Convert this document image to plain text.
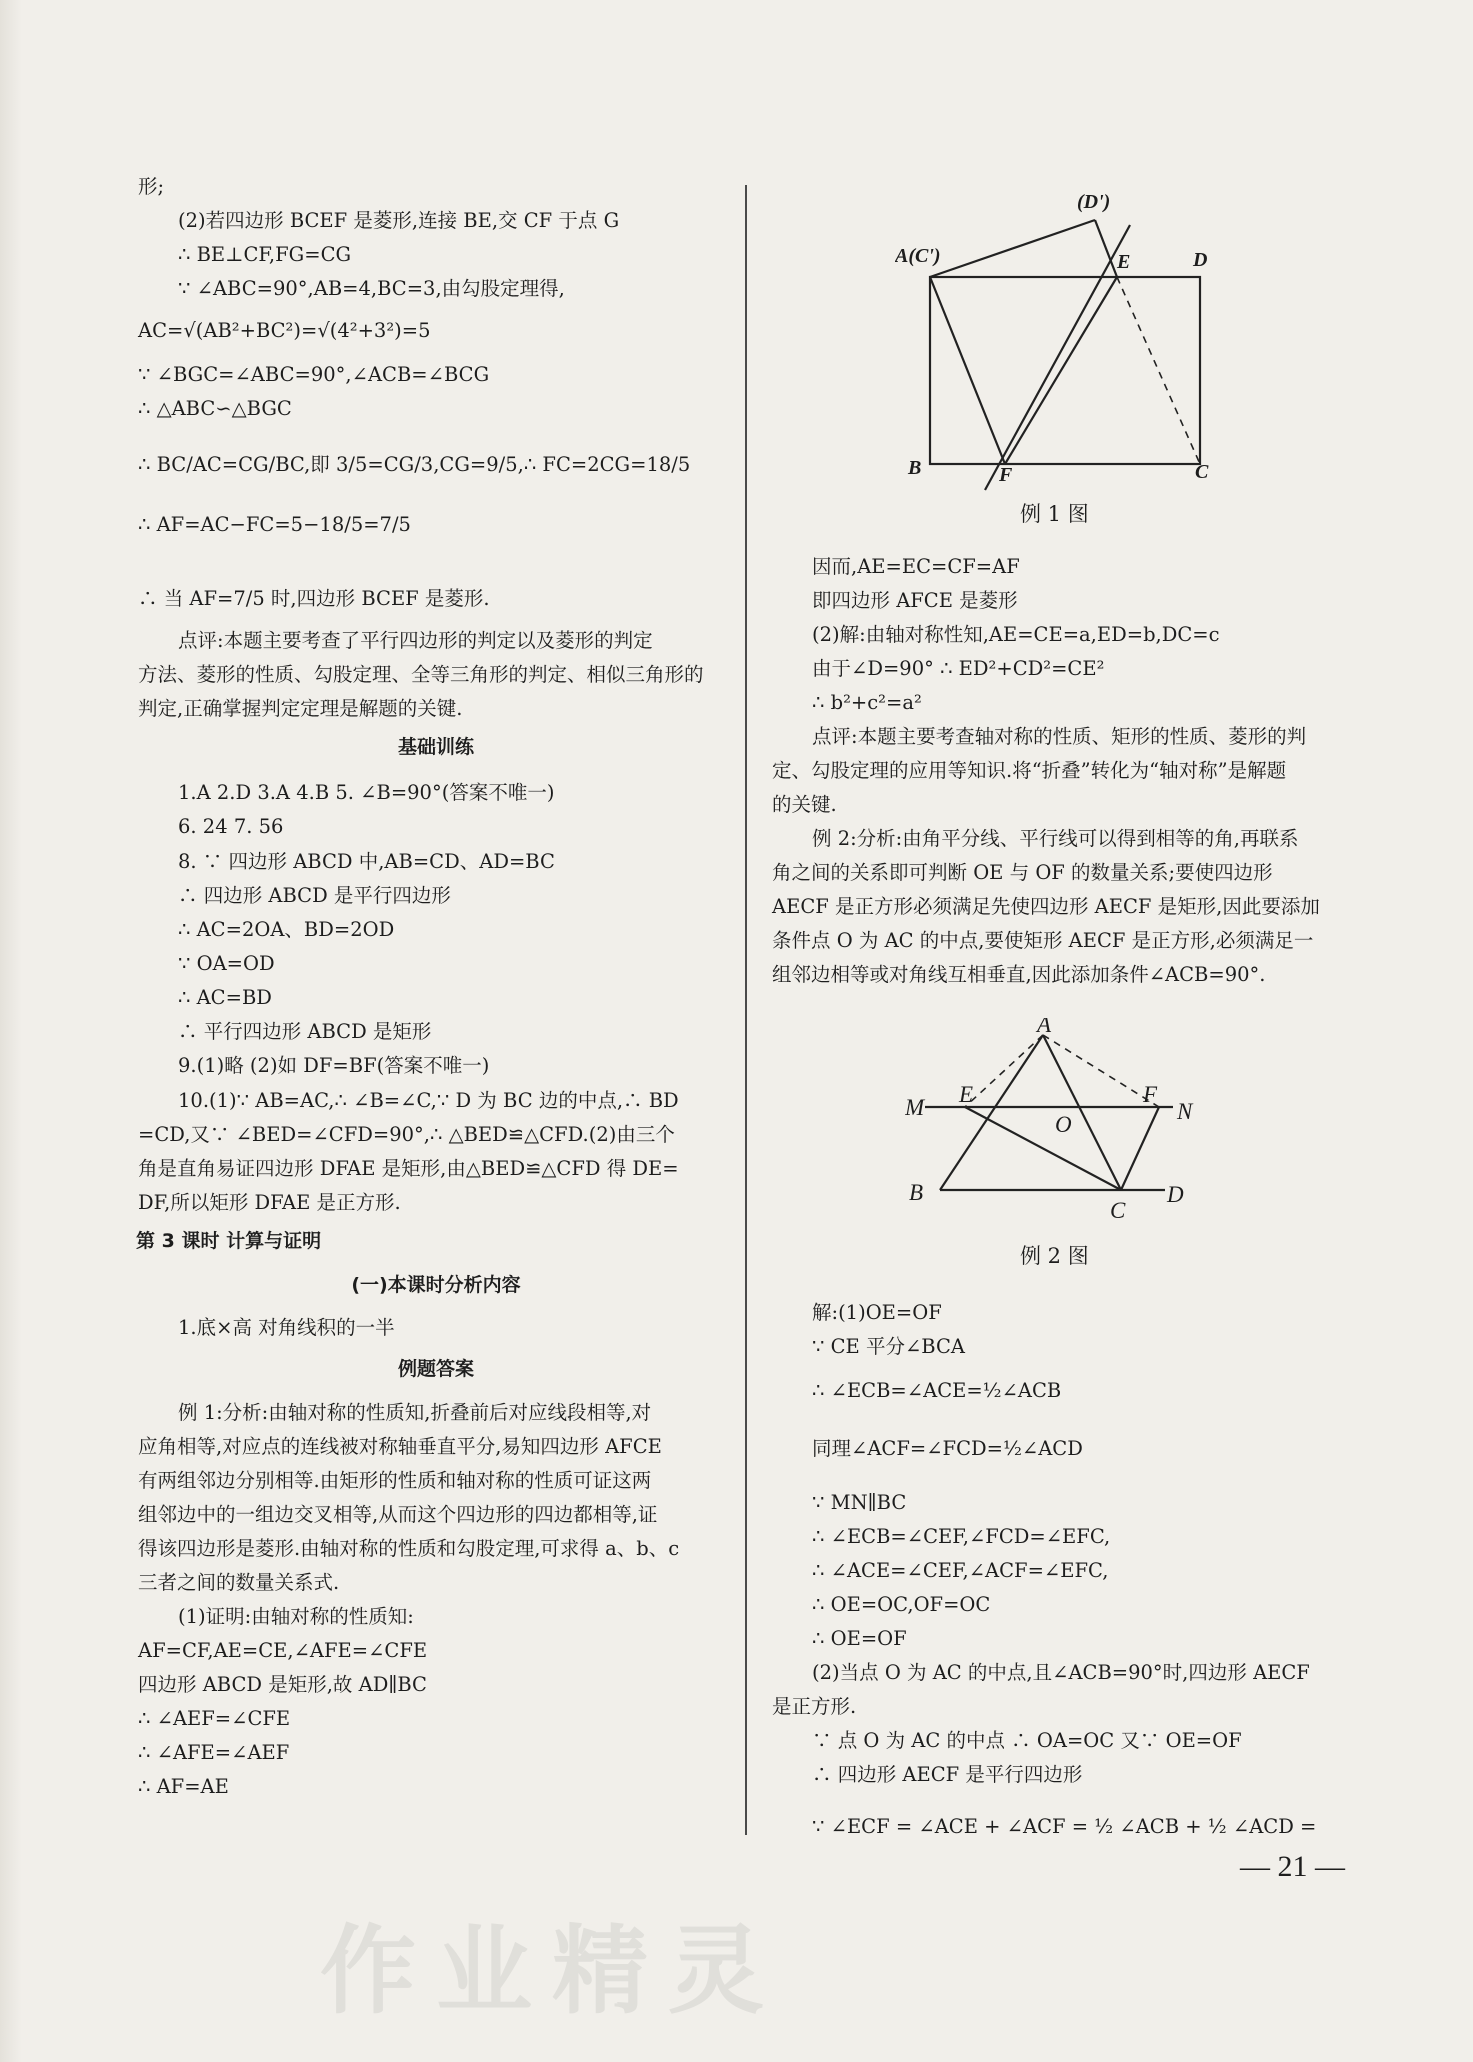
形;
(2)若四边形 BCEF 是菱形,连接 BE,交 CF 于点 G
∴ BE⊥CF,FG=CG
∵ ∠ABC=90°,AB=4,BC=3,由勾股定理得,
AC=√(AB²+BC²)=√(4²+3²)=5
∵ ∠BGC=∠ABC=90°,∠ACB=∠BCG
∴ △ABC∽△BGC
∴ BC/AC=CG/BC,即 3/5=CG/3,CG=9/5,∴ FC=2CG=18/5
∴ AF=AC−FC=5−18/5=7/5
∴ 当 AF=7/5 时,四边形 BCEF 是菱形.
点评:本题主要考查了平行四边形的判定以及菱形的判定
方法、菱形的性质、勾股定理、全等三角形的判定、相似三角形的
判定,正确掌握判定定理是解题的关键.
基础训练
1.A 2.D 3.A 4.B 5. ∠B=90°(答案不唯一)
6. 24 7. 56
8. ∵ 四边形 ABCD 中,AB=CD、AD=BC
∴ 四边形 ABCD 是平行四边形
∴ AC=2OA、BD=2OD
∵ OA=OD
∴ AC=BD
∴ 平行四边形 ABCD 是矩形
9.(1)略 (2)如 DF=BF(答案不唯一)
10.(1)∵ AB=AC,∴ ∠B=∠C,∵ D 为 BC 边的中点,∴ BD
=CD,又∵ ∠BED=∠CFD=90°,∴ △BED≌△CFD.(2)由三个
角是直角易证四边形 DFAE 是矩形,由△BED≌△CFD 得 DE=
DF,所以矩形 DFAE 是正方形.
第 3 课时 计算与证明
(一)本课时分析内容
1.底×高 对角线积的一半
例题答案
例 1:分析:由轴对称的性质知,折叠前后对应线段相等,对
应角相等,对应点的连线被对称轴垂直平分,易知四边形 AFCE
有两组邻边分别相等.由矩形的性质和轴对称的性质可证这两
组邻边中的一组边交叉相等,从而这个四边形的四边都相等,证
得该四边形是菱形.由轴对称的性质和勾股定理,可求得 a、b、c
三者之间的数量关系式.
(1)证明:由轴对称的性质知:
AF=CF,AE=CE,∠AFE=∠CFE
四边形 ABCD 是矩形,故 AD∥BC
∴ ∠AEF=∠CFE
∴ ∠AFE=∠AEF
∴ AF=AE
(D')
A(C')	E	D
B	F	C
例 1 图
因而,AE=EC=CF=AF
即四边形 AFCE 是菱形
(2)解:由轴对称性知,AE=CE=a,ED=b,DC=c
由于∠D=90° ∴ ED²+CD²=CE²
∴ b²+c²=a²
点评:本题主要考查轴对称的性质、矩形的性质、菱形的判
定、勾股定理的应用等知识.将“折叠”转化为“轴对称”是解题
的关键.
例 2:分析:由角平分线、平行线可以得到相等的角,再联系
角之间的关系即可判断 OE 与 OF 的数量关系;要使四边形
AECF 是正方形必须满足先使四边形 AECF 是矩形,因此要添加
条件点 O 为 AC 的中点,要使矩形 AECF 是正方形,必须满足一
组邻边相等或对角线互相垂直,因此添加条件∠ACB=90°.
解:(1)OE=OF
∵ CE 平分∠BCA
∴ ∠ECB=∠ACE=½∠ACB
同理∠ACF=∠FCD=½∠ACD
∵ MN∥BC
∴ ∠ECB=∠CEF,∠FCD=∠EFC,
∴ ∠ACE=∠CEF,∠ACF=∠EFC,
∴ OE=OC,OF=OC
∴ OE=OF
(2)当点 O 为 AC 的中点,且∠ACB=90°时,四边形 AECF
是正方形.
∵ 点 O 为 AC 的中点 ∴ OA=OC 又∵ OE=OF
∴ 四边形 AECF 是平行四边形
∵ ∠ECF = ∠ACE + ∠ACF = ½ ∠ACB + ½ ∠ACD =
A
M
E	F
N
O
B
C
D
例 2 图
— 21 —
作业精灵
